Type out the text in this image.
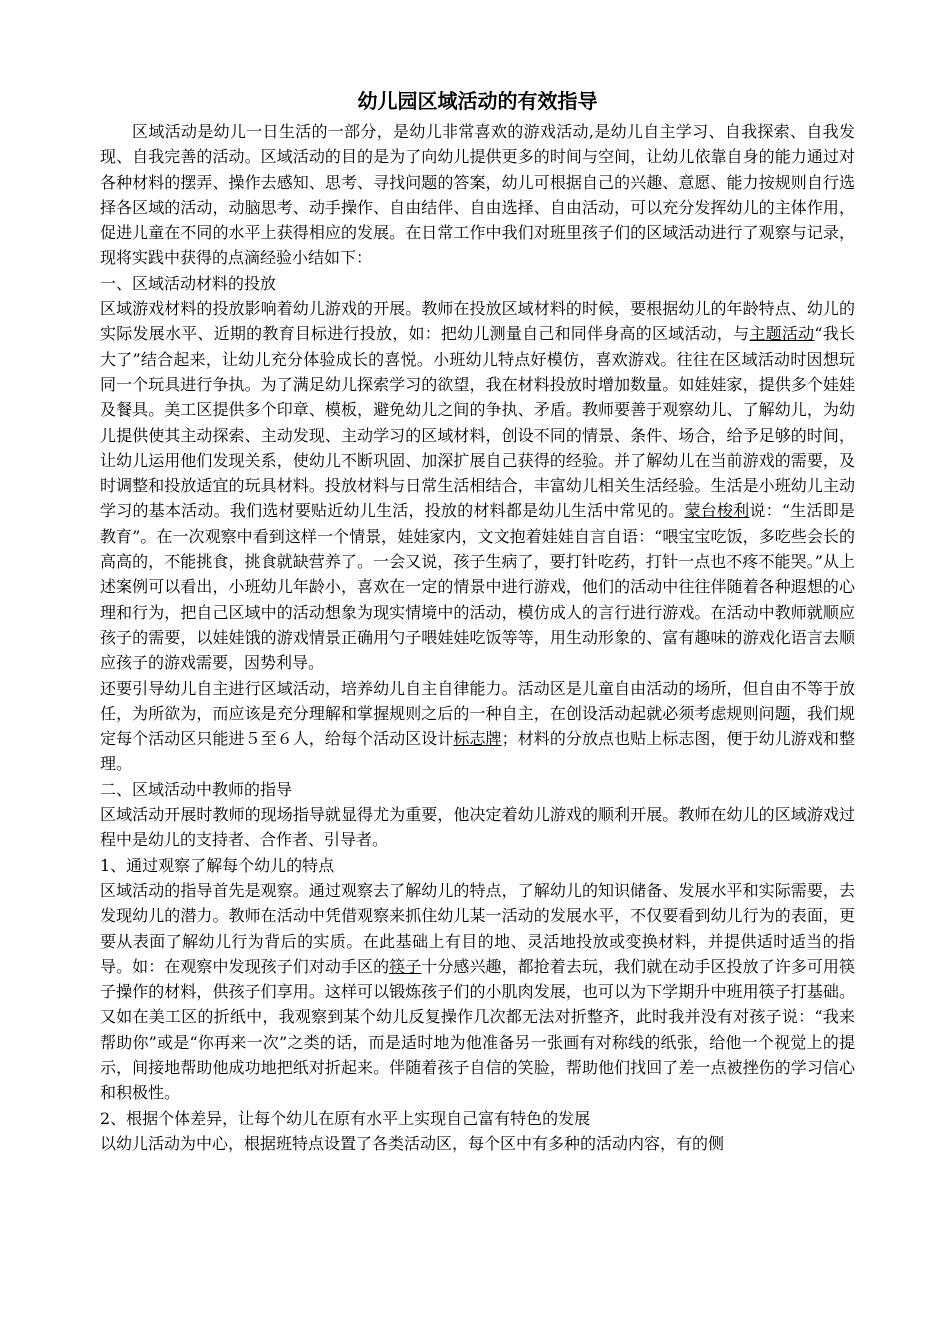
幼儿园区域活动的有效指导

区域活动是幼儿一日生活的一部分，是幼儿非常喜欢的游戏活动,是幼儿自主学习、自我探索、自我发现、自我完善的活动。区域活动的目的是为了向幼儿提供更多的时间与空间，让幼儿依靠自身的能力通过对各种材料的摆弄、操作去感知、思考、寻找问题的答案，幼儿可根据自己的兴趣、意愿、能力按规则自行选择各区域的活动，动脑思考、动手操作、自由结伴、自由选择、自由活动，可以充分发挥幼儿的主体作用，促进儿童在不同的水平上获得相应的发展。在日常工作中我们对班里孩子们的区域活动进行了观察与记录，现将实践中获得的点滴经验小结如下：

一、区域活动材料的投放

区域游戏材料的投放影响着幼儿游戏的开展。教师在投放区域材料的时候，要根据幼儿的年龄特点、幼儿的实际发展水平、近期的教育目标进行投放，如：把幼儿测量自己和同伴身高的区域活动，与主题活动“我长大了”结合起来，让幼儿充分体验成长的喜悦。小班幼儿特点好模仿，喜欢游戏。往往在区域活动时因想玩同一个玩具进行争执。为了满足幼儿探索学习的欲望，我在材料投放时增加数量。如娃娃家，提供多个娃娃及餐具。美工区提供多个印章、模板，避免幼儿之间的争执、矛盾。教师要善于观察幼儿、了解幼儿，为幼儿提供使其主动探索、主动发现、主动学习的区域材料，创设不同的情景、条件、场合，给予足够的时间，让幼儿运用他们发现关系，使幼儿不断巩固、加深扩展自己获得的经验。并了解幼儿在当前游戏的需要，及时调整和投放适宜的玩具材料。投放材料与日常生活相结合，丰富幼儿相关生活经验。生活是小班幼儿主动学习的基本活动。我们选材要贴近幼儿生活，投放的材料都是幼儿生活中常见的。蒙台梭利说：“生活即是教育”。在一次观察中看到这样一个情景，娃娃家内，文文抱着娃娃自言自语：“喂宝宝吃饭，多吃些会长的高高的，不能挑食，挑食就缺营养了。一会又说，孩子生病了，要打针吃药，打针一点也不疼不能哭。”从上述案例可以看出，小班幼儿年龄小，喜欢在一定的情景中进行游戏，他们的活动中往往伴随着各种遐想的心理和行为，把自己区域中的活动想象为现实情境中的活动，模仿成人的言行进行游戏。在活动中教师就顺应孩子的需要，以娃娃饿的游戏情景正确用勺子喂娃娃吃饭等等，用生动形象的、富有趣味的游戏化语言去顺应孩子的游戏需要，因势利导。

还要引导幼儿自主进行区域活动，培养幼儿自主自律能力。活动区是儿童自由活动的场所，但自由不等于放任，为所欲为，而应该是充分理解和掌握规则之后的一种自主，在创设活动起就必须考虑规则问题，我们规定每个活动区只能进５至６人，给每个活动区设计标志牌；材料的分放点也贴上标志图，便于幼儿游戏和整理。

二、区域活动中教师的指导

区域活动开展时教师的现场指导就显得尤为重要，他决定着幼儿游戏的顺利开展。教师在幼儿的区域游戏过程中是幼儿的支持者、合作者、引导者。

1、通过观察了解每个幼儿的特点

区域活动的指导首先是观察。通过观察去了解幼儿的特点，了解幼儿的知识储备、发展水平和实际需要，去发现幼儿的潜力。教师在活动中凭借观察来抓住幼儿某一活动的发展水平，不仅要看到幼儿行为的表面，更要从表面了解幼儿行为背后的实质。在此基础上有目的地、灵活地投放或变换材料，并提供适时适当的指导。如：在观察中发现孩子们对动手区的筷子十分感兴趣，都抢着去玩，我们就在动手区投放了许多可用筷子操作的材料，供孩子们享用。这样可以锻炼孩子们的小肌肉发展，也可以为下学期升中班用筷子打基础。又如在美工区的折纸中，我观察到某个幼儿反复操作几次都无法对折整齐，此时我并没有对孩子说：“我来帮助你”或是“你再来一次”之类的话，而是适时地为他准备另一张画有对称线的纸张，给他一个视觉上的提示，间接地帮助他成功地把纸对折起来。伴随着孩子自信的笑脸，帮助他们找回了差一点被挫伤的学习信心和积极性。

2、根据个体差异，让每个幼儿在原有水平上实现自己富有特色的发展

以幼儿活动为中心，根据班特点设置了各类活动区，每个区中有多种的活动内容，有的侧
